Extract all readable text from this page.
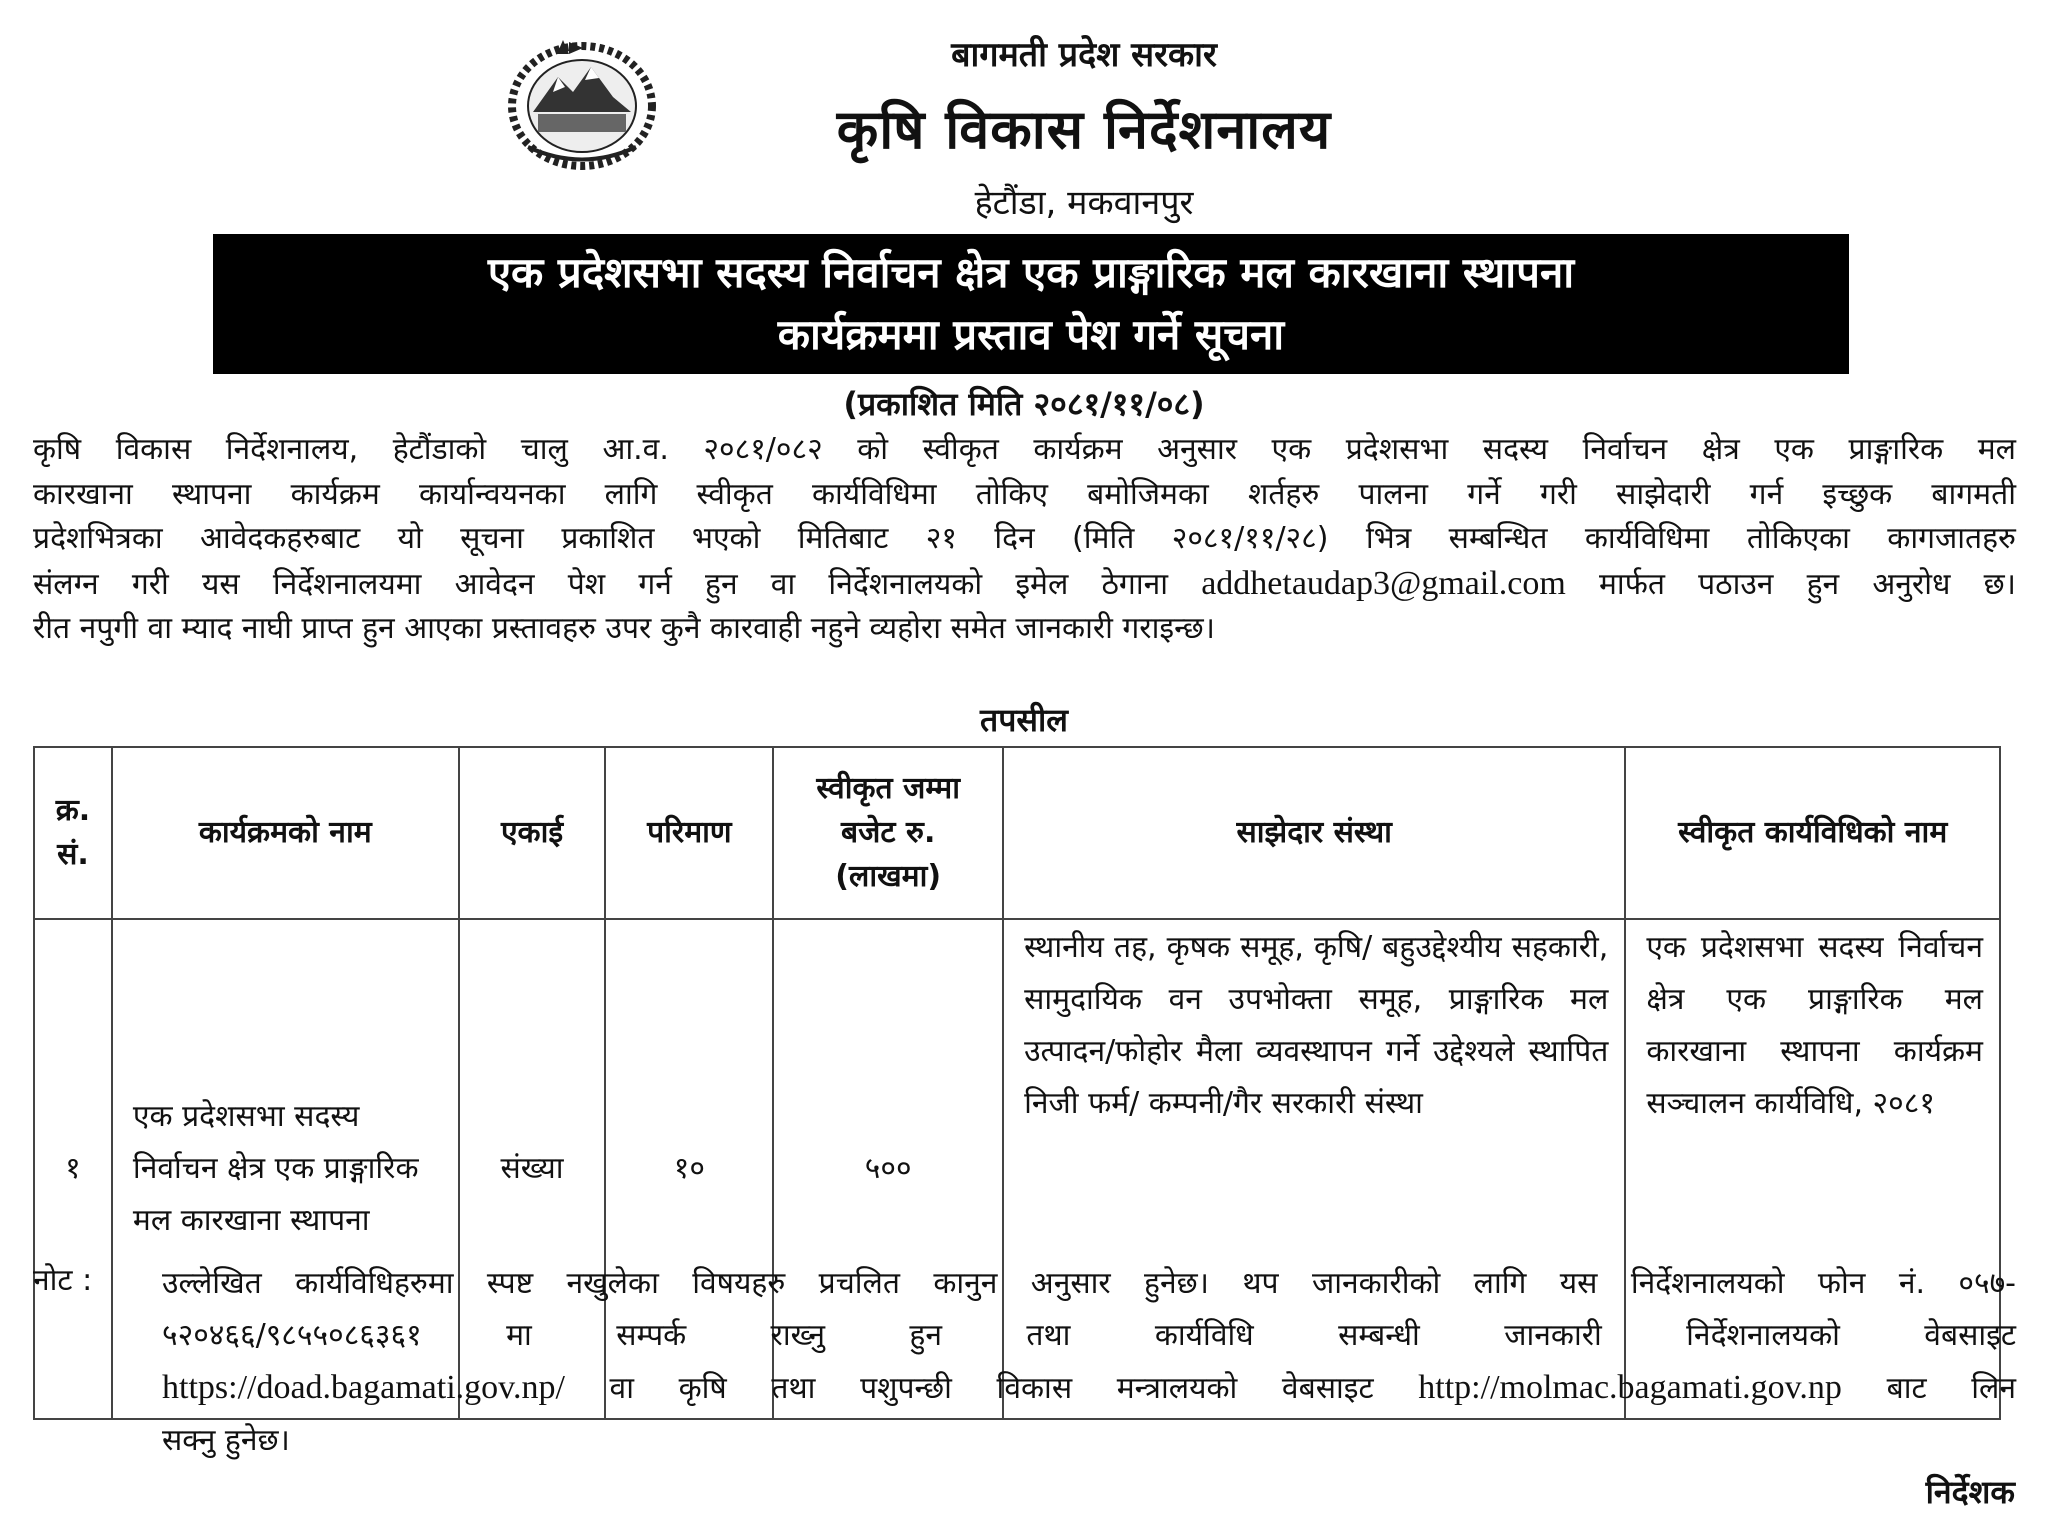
बागमती प्रदेश सरकार
कृषि विकास निर्देशनालय
हेटौंडा, मकवानपुर
एक प्रदेशसभा सदस्य निर्वाचन क्षेत्र एक प्राङ्गारिक मल कारखाना स्थापना
कार्यक्रममा प्रस्ताव पेश गर्ने सूचना
(प्रकाशित मिति २०८१/११/०८)

कृषि विकास निर्देशनालय, हेटौंडाको चालु आ.व. २०८१/०८२ को स्वीकृत कार्यक्रम अनुसार एक प्रदेशसभा सदस्य निर्वाचन क्षेत्र एक प्राङ्गारिक मल

कारखाना स्थापना कार्यक्रम कार्यान्वयनका लागि स्वीकृत कार्यविधिमा तोकिए बमोजिमका शर्तहरु पालना गर्ने गरी साझेदारी गर्न इच्छुक बागमती

प्रदेशभित्रका आवेदकहरुबाट यो सूचना प्रकाशित भएको मितिबाट २१ दिन (मिति २०८१/११/२८) भित्र सम्बन्धित कार्यविधिमा तोकिएका कागजातहरु

संलग्न गरी यस निर्देशनालयमा आवेदन पेश गर्न हुन वा निर्देशनालयको इमेल ठेगाना addhetaudap3@gmail.com मार्फत पठाउन हुन अनुरोध छ।

रीत नपुगी वा म्याद नाघी प्राप्त हुन आएका प्रस्तावहरु उपर कुनै कारवाही नहुने व्यहोरा समेत जानकारी गराइन्छ।

तपसील
क्र.
सं.	कार्यक्रमको नाम	एकाई	परिमाण	स्वीकृत जम्मा
बजेट रु.
(लाखमा)	साझेदार संस्था	स्वीकृत कार्यविधिको नाम
१	एक प्रदेशसभा सदस्य निर्वाचन क्षेत्र एक प्राङ्गारिक मल कारखाना स्थापना	संख्या	१०	५००	स्थानीय तह, कृषक समूह, कृषि/ बहुउद्देश्यीय सहकारी, सामुदायिक वन उपभोक्ता समूह, प्राङ्गारिक मल उत्पादन/फोहोर मैला व्यवस्थापन गर्ने उद्देश्यले स्थापित निजी फर्म/ कम्पनी/गैर सरकारी संस्था	एक प्रदेशसभा सदस्य निर्वाचन क्षेत्र एक प्राङ्गारिक मल कारखाना स्थापना कार्यक्रम सञ्चालन कार्यविधि, २०८१
नोट : उल्लेखित कार्यविधिहरुमा स्पष्ट नखुलेका विषयहरु प्रचलित कानुन अनुसार हुनेछ। थप जानकारीको लागि यस निर्देशनालयको फोन नं. ०५७-

५२०४६६/९८५५०८६३६१ मा सम्पर्क राख्नु हुन तथा कार्यविधि सम्बन्धी जानकारी निर्देशनालयको वेबसाइट

https://doad.bagamati.gov.np/ वा कृषि तथा पशुपन्छी विकास मन्त्रालयको वेबसाइट http://molmac.bagamati.gov.np बाट लिन

सक्नु हुनेछ।

निर्देशक
